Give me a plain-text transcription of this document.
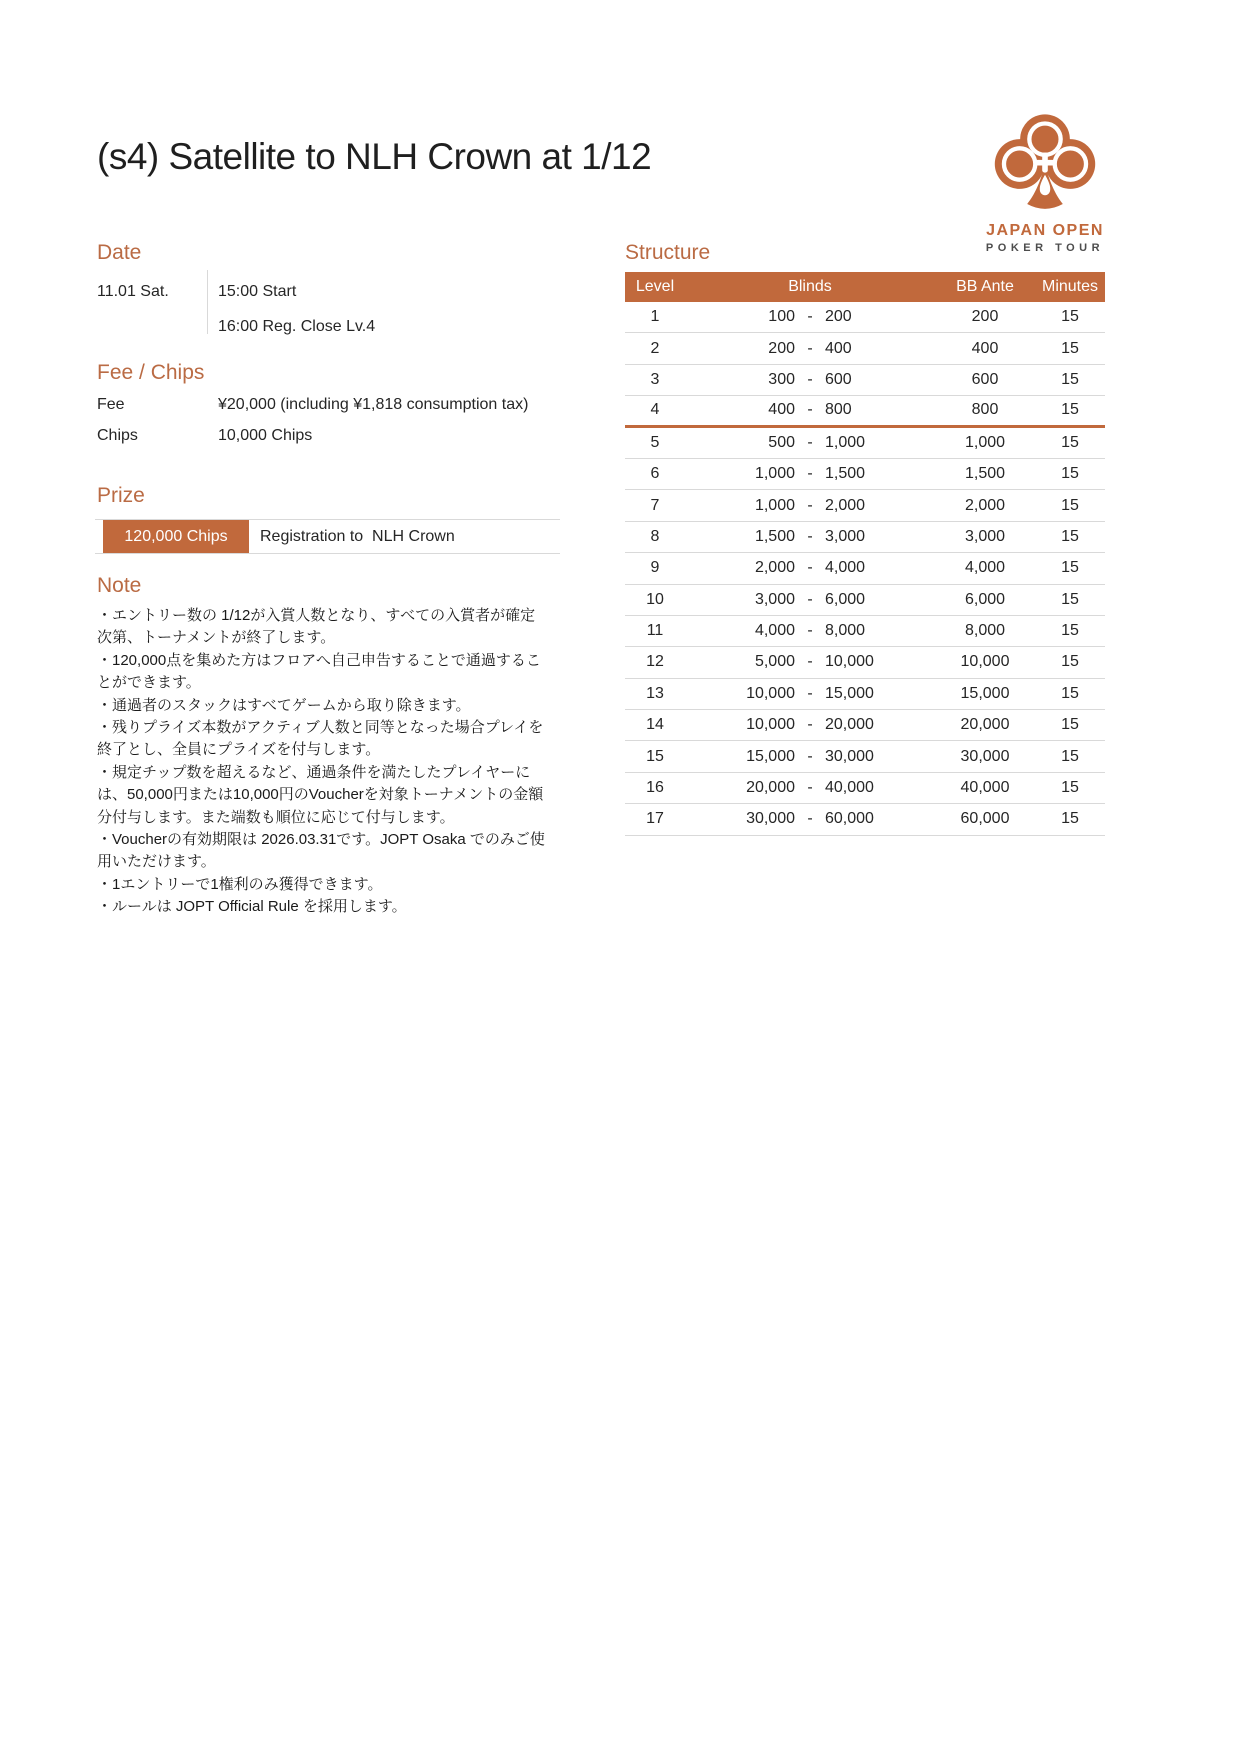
(s4) Satellite to NLH Crown at 1/12
JAPAN OPEN
POKER TOUR
Date
11.01 Sat.	15:00 Start
16:00 Reg. Close Lv.4
Fee / Chips
Fee	¥20,000 (including ¥1,818 consumption tax)
Chips	10,000 Chips
Prize
120,000 Chips	Registration to  NLH Crown
Note
・エントリー数の 1/12が入賞人数となり、すべての入賞者が確定
次第、トーナメントが終了します。
・120,000点を集めた方はフロアへ自己申告することで通過するこ
とができます。
・通過者のスタックはすべてゲームから取り除きます。
・残りプライズ本数がアクティブ人数と同等となった場合プレイを
終了とし、全員にプライズを付与します。
・規定チップ数を超えるなど、通過条件を満たしたプレイヤーに
は、50,000円または10,000円のVoucherを対象トーナメントの金額
分付与します。また端数も順位に応じて付与します。
・Voucherの有効期限は 2026.03.31です。JOPT Osaka でのみご使
用いただけます。
・1エントリーで1権利のみ獲得できます。
・ルールは JOPT Official Rule を採用します。
Structure
Level	Blinds	BB Ante	Minutes
1	100 - 200	200	15
2	200 - 400	400	15
3	300 - 600	600	15
4	400 - 800	800	15
5	500 - 1,000	1,000	15
6	1,000 - 1,500	1,500	15
7	1,000 - 2,000	2,000	15
8	1,500 - 3,000	3,000	15
9	2,000 - 4,000	4,000	15
10	3,000 - 6,000	6,000	15
11	4,000 - 8,000	8,000	15
12	5,000 - 10,000	10,000	15
13	10,000 - 15,000	15,000	15
14	10,000 - 20,000	20,000	15
15	15,000 - 30,000	30,000	15
16	20,000 - 40,000	40,000	15
17	30,000 - 60,000	60,000	15
